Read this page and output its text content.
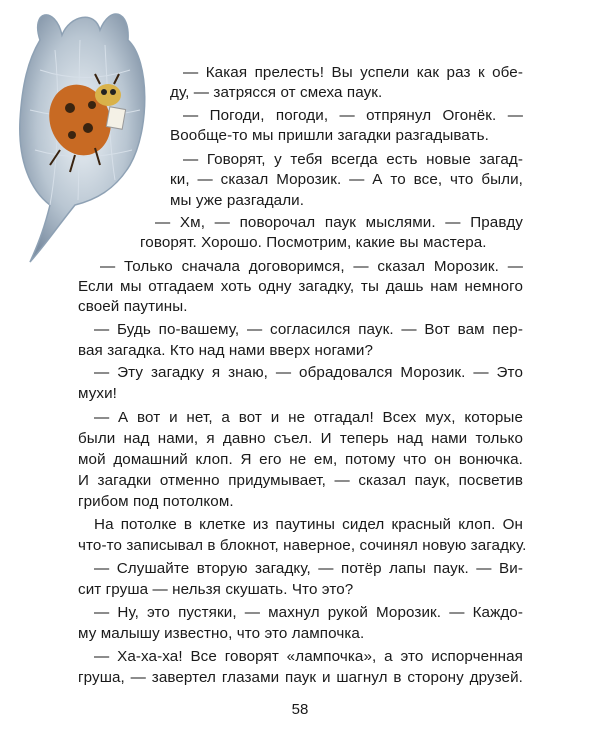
— Какая прелесть! Вы успели как раз к обе-
ду, — затрясся от смеха паук.
— Погоди, погоди, — отпрянул Огонёк. —
Вообще-то мы пришли загадки разгадывать.
— Говорят, у тебя всегда есть новые загад-
ки, — сказал Морозик. — А то все, что были,
мы уже разгадали.
— Хм, — поворочал паук мыслями. — Правду
говорят. Хорошо. Посмотрим, какие вы мастера.
— Только сначала договоримся, — сказал Морозик. —
Если мы отгадаем хоть одну загадку, ты дашь нам немного
своей паутины.
— Будь по-вашему, — согласился паук. — Вот вам пер-
вая загадка. Кто над нами вверх ногами?
— Эту загадку я знаю, — обрадовался Морозик. — Это
мухи!
— А вот и нет, а вот и не отгадал! Всех мух, которые
были над нами, я давно съел. И теперь над нами только
мой домашний клоп. Я его не ем, потому что он вонючка.
И загадки отменно придумывает, — сказал паук, посветив
грибом под потолком.
На потолке в клетке из паутины сидел красный клоп. Он
что-то записывал в блокнот, наверное, сочинял новую загадку.
— Слушайте вторую загадку, — потёр лапы паук. — Ви-
сит груша — нельзя скушать. Что это?
— Ну, это пустяки, — махнул рукой Морозик. — Каждо-
му малышу известно, что это лампочка.
— Ха-ха-ха! Все говорят «лампочка», а это испорченная
груша, — завертел глазами паук и шагнул в сторону друзей.
58
